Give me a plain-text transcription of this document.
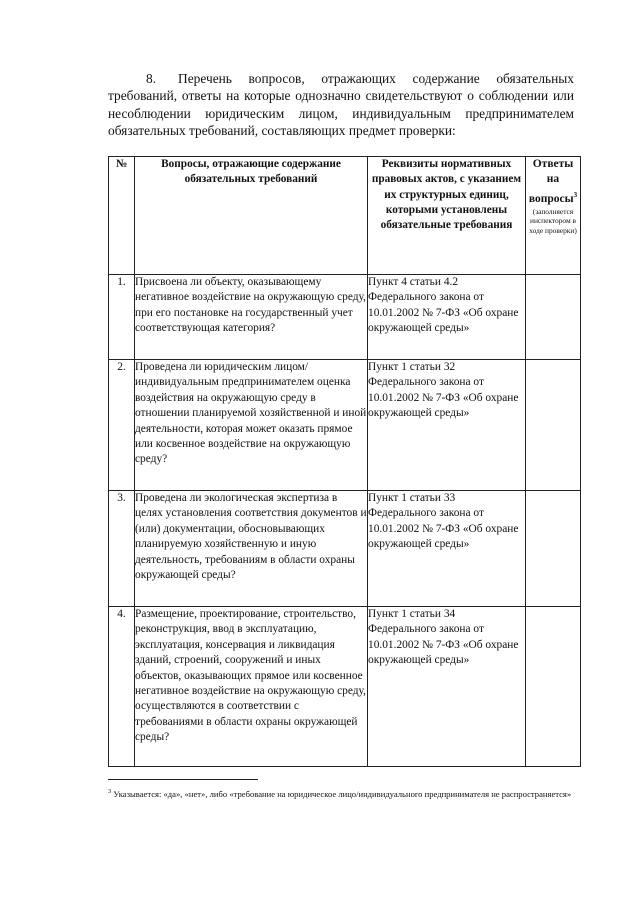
8. Перечень вопросов, отражающих содержание обязательных требований, ответы на которые однозначно свидетельствуют о соблюдении или несоблюдении юридическим лицом, индивидуальным предпринимателем обязательных требований, составляющих предмет проверки:

№	Вопросы, отражающие содержание обязательных требований	Реквизиты нормативных правовых актов, с указанием их структурных единиц, которыми установлены обязательные требования	Ответы на вопросы$^3$
(заполняется инспектором в ходе проверки)

1.	Присвоена ли объекту, оказывающему негативное воздействие на окружающую среду, при его постановке на государственный учет соответствующая категория?	Пункт 4 статьи 4.2 Федерального закона от 10.01.2002 № 7-ФЗ «Об охране окружающей среды»	
2.	Проведена ли юридическим лицом/индивидуальным предпринимателем оценка воздействия на окружающую среду в отношении планируемой хозяйственной и иной деятельности, которая может оказать прямое или косвенное воздействие на окружающую среду?	Пункт 1 статьи 32 Федерального закона от 10.01.2002 № 7-ФЗ «Об охране окружающей среды»	
3.	Проведена ли экологическая экспертиза в целях установления соответствия документов и (или) документации, обосновывающих планируемую хозяйственную и иную деятельность, требованиям в области охраны окружающей среды?	Пункт 1 статьи 33 Федерального закона от 10.01.2002 № 7-ФЗ «Об охране окружающей среды»	
4.	Размещение, проектирование, строительство, реконструкция, ввод в эксплуатацию, эксплуатация, консервация и ликвидация зданий, строений, сооружений и иных объектов, оказывающих прямое или косвенное негативное воздействие на окружающую среду, осуществляются в соответствии с требованиями в области охраны окружающей среды?	Пункт 1 статьи 34 Федерального закона от 10.01.2002 № 7-ФЗ «Об охране окружающей среды»	
$^3$ Указывается: «да», «нет», либо «требование на юридическое лицо/индивидуального предпринимателя не распространяется»
